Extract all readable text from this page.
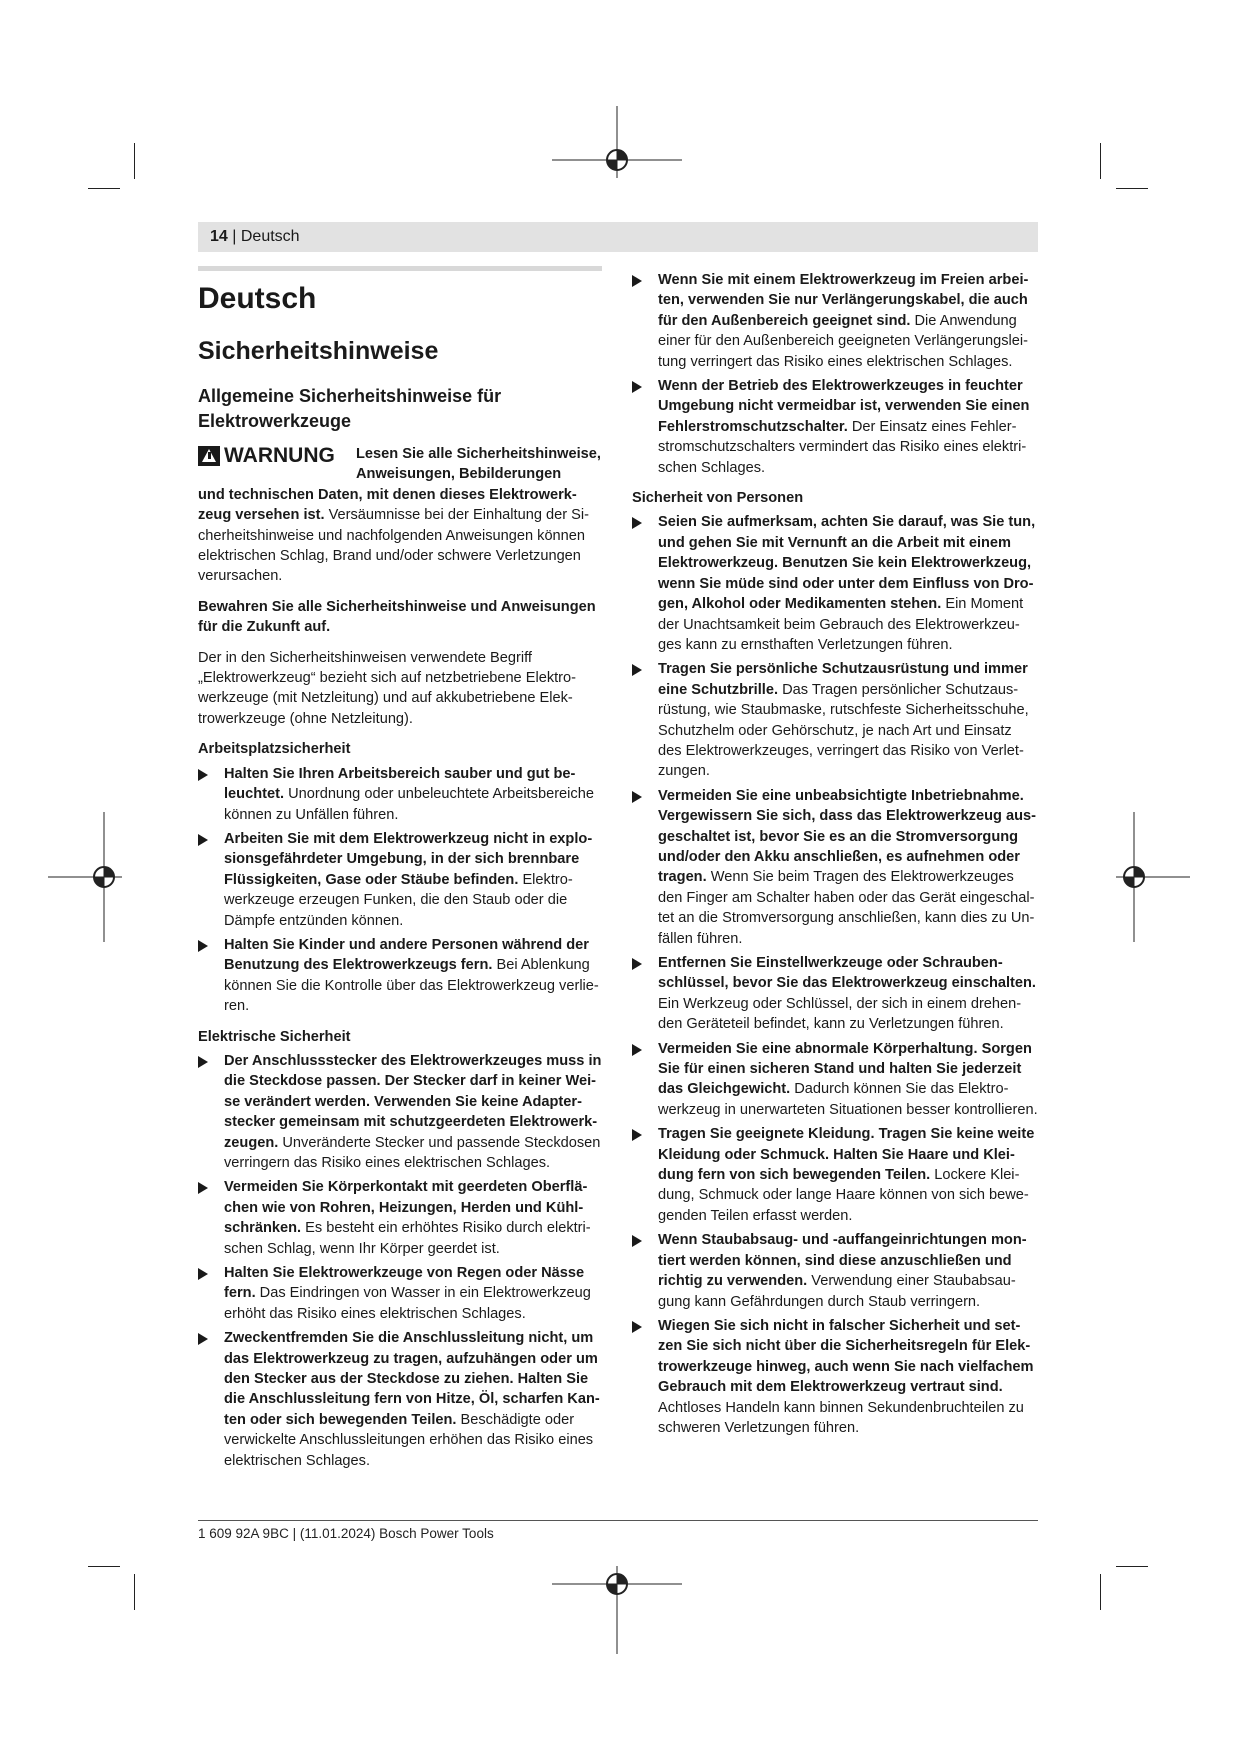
14 | Deutsch
Deutsch
Sicherheitshinweise
Allgemeine Sicherheitshinweise für Elektrowerkzeuge
WARNUNG Lesen Sie alle Sicherheitshinweise, Anweisungen, Bebilderungen

und technischen Daten, mit denen dieses Elektrowerkzeug versehen ist. Versäumnisse bei der Einhaltung der Sicherheitshinweise und nachfolgenden Anweisungen können elektrischen Schlag, Brand und/oder schwere Verletzungen verursachen.

Bewahren Sie alle Sicherheitshinweise und Anweisungen für die Zukunft auf.

Der in den Sicherheitshinweisen verwendete Begriff „Elektrowerkzeug“ bezieht sich auf netzbetriebene Elektrowerkzeuge (mit Netzleitung) und auf akkubetriebene Elektrowerkzeuge (ohne Netzleitung).

Arbeitsplatzsicherheit
Halten Sie Ihren Arbeitsbereich sauber und gut beleuchtet. Unordnung oder unbeleuchtete Arbeitsbereiche können zu Unfällen führen.
Arbeiten Sie mit dem Elektrowerkzeug nicht in explosionsgefährdeter Umgebung, in der sich brennbare Flüssigkeiten, Gase oder Stäube befinden. Elektrowerkzeuge erzeugen Funken, die den Staub oder die Dämpfe entzünden können.
Halten Sie Kinder und andere Personen während der Benutzung des Elektrowerkzeugs fern. Bei Ablenkung können Sie die Kontrolle über das Elektrowerkzeug verlieren.
Elektrische Sicherheit
Der Anschlussstecker des Elektrowerkzeuges muss in die Steckdose passen. Der Stecker darf in keiner Weise verändert werden. Verwenden Sie keine Adapterstecker gemeinsam mit schutzgeerdeten Elektrowerkzeugen. Unveränderte Stecker und passende Steckdosen verringern das Risiko eines elektrischen Schlages.
Vermeiden Sie Körperkontakt mit geerdeten Oberflächen wie von Rohren, Heizungen, Herden und Kühlschränken. Es besteht ein erhöhtes Risiko durch elektrischen Schlag, wenn Ihr Körper geerdet ist.
Halten Sie Elektrowerkzeuge von Regen oder Nässe fern. Das Eindringen von Wasser in ein Elektrowerkzeug erhöht das Risiko eines elektrischen Schlages.
Zweckentfremden Sie die Anschlussleitung nicht, um das Elektrowerkzeug zu tragen, aufzuhängen oder um den Stecker aus der Steckdose zu ziehen. Halten Sie die Anschlussleitung fern von Hitze, Öl, scharfen Kanten oder sich bewegenden Teilen. Beschädigte oder verwickelte Anschlussleitungen erhöhen das Risiko eines elektrischen Schlages.
Wenn Sie mit einem Elektrowerkzeug im Freien arbeiten, verwenden Sie nur Verlängerungskabel, die auch für den Außenbereich geeignet sind. Die Anwendung einer für den Außenbereich geeigneten Verlängerungsleitung verringert das Risiko eines elektrischen Schlages.
Wenn der Betrieb des Elektrowerkzeuges in feuchter Umgebung nicht vermeidbar ist, verwenden Sie einen Fehlerstromschutzschalter. Der Einsatz eines Fehlerstromschutzschalters vermindert das Risiko eines elektrischen Schlages.
Sicherheit von Personen
Seien Sie aufmerksam, achten Sie darauf, was Sie tun, und gehen Sie mit Vernunft an die Arbeit mit einem Elektrowerkzeug. Benutzen Sie kein Elektrowerkzeug, wenn Sie müde sind oder unter dem Einfluss von Drogen, Alkohol oder Medikamenten stehen. Ein Moment der Unachtsamkeit beim Gebrauch des Elektrowerkzeuges kann zu ernsthaften Verletzungen führen.
Tragen Sie persönliche Schutzausrüstung und immer eine Schutzbrille. Das Tragen persönlicher Schutzausrüstung, wie Staubmaske, rutschfeste Sicherheitsschuhe, Schutzhelm oder Gehörschutz, je nach Art und Einsatz des Elektrowerkzeuges, verringert das Risiko von Verletzungen.
Vermeiden Sie eine unbeabsichtigte Inbetriebnahme. Vergewissern Sie sich, dass das Elektrowerkzeug ausgeschaltet ist, bevor Sie es an die Stromversorgung und/oder den Akku anschließen, es aufnehmen oder tragen. Wenn Sie beim Tragen des Elektrowerkzeuges den Finger am Schalter haben oder das Gerät eingeschaltet an die Stromversorgung anschließen, kann dies zu Unfällen führen.
Entfernen Sie Einstellwerkzeuge oder Schraubenschlüssel, bevor Sie das Elektrowerkzeug einschalten. Ein Werkzeug oder Schlüssel, der sich in einem drehenden Geräteteil befindet, kann zu Verletzungen führen.
Vermeiden Sie eine abnormale Körperhaltung. Sorgen Sie für einen sicheren Stand und halten Sie jederzeit das Gleichgewicht. Dadurch können Sie das Elektrowerkzeug in unerwarteten Situationen besser kontrollieren.
Tragen Sie geeignete Kleidung. Tragen Sie keine weite Kleidung oder Schmuck. Halten Sie Haare und Kleidung fern von sich bewegenden Teilen. Lockere Kleidung, Schmuck oder lange Haare können von sich bewegenden Teilen erfasst werden.
Wenn Staubabsaug- und -auffangeinrichtungen montiert werden können, sind diese anzuschließen und richtig zu verwenden. Verwendung einer Staubabsaugung kann Gefährdungen durch Staub verringern.
Wiegen Sie sich nicht in falscher Sicherheit und setzen Sie sich nicht über die Sicherheitsregeln für Elektrowerkzeuge hinweg, auch wenn Sie nach vielfachem Gebrauch mit dem Elektrowerkzeug vertraut sind. Achtloses Handeln kann binnen Sekundenbruchteilen zu schweren Verletzungen führen.
1 609 92A 9BC | (11.01.2024) Bosch Power Tools
